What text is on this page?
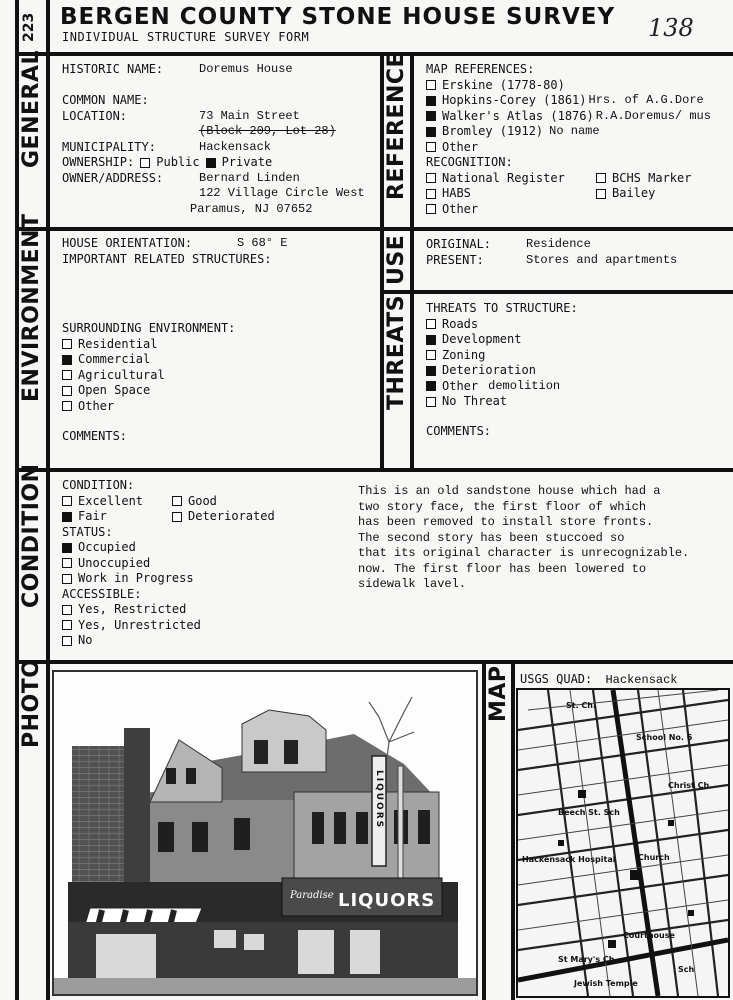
223 BERGEN COUNTY STONE HOUSE SURVEY
INDIVIDUAL STRUCTURE SURVEY FORM	138
GENERAL	REFERENCE
ENVIRONMENT	USE
THREATS
CONDITION
PHOTO	MAP
HISTORIC NAME:	Doremus House
COMMON NAME:
LOCATION:	73 Main Street
(Block 209, Lot 28)
MUNICIPALITY:	Hackensack
OWNERSHIP: Public Private
OWNER/ADDRESS:	Bernard Linden
122 Village Circle West
Paramus, NJ 07652
MAP REFERENCES:
Erskine (1778-80)
Hopkins-Corey (1861) Hrs. of A.G.Dore
Walker's Atlas (1876) R.A.Doremus/ mus
Bromley (1912) No name
Other
RECOGNITION:
National Register
HABS
Other
BCHS Marker
Bailey
HOUSE ORIENTATION:	S 68° E
IMPORTANT RELATED STRUCTURES:
SURROUNDING ENVIRONMENT:
Residential
Commercial
Agricultural
Open Space
Other
COMMENTS:
ORIGINAL:	Residence
PRESENT:	Stores and apartments
THREATS TO STRUCTURE:
Roads
Development
Zoning
Deterioration
Other demolition
No Threat
COMMENTS:
CONDITION:
Excellent	Good
Fair	Deteriorated
STATUS:
Occupied
Unoccupied
Work in Progress
ACCESSIBLE:
Yes, Restricted
Yes, Unrestricted
No
This is an old sandstone house which had a
two story face, the first floor of which
has been removed to install store fronts.
The second story has been stuccoed so
that its original character is unrecognizable.
now. The first floor has been lowered to
sidewalk lavel.
LIQUORS
Paradise LIQUORS
USGS QUAD: Hackensack
St. Ch.
School No. 6
Christ Ch.
Beech St. Sch
Hackensack Hospital	Church
Courthouse
St Mary's Ch.
Jewish Temple
Sch
